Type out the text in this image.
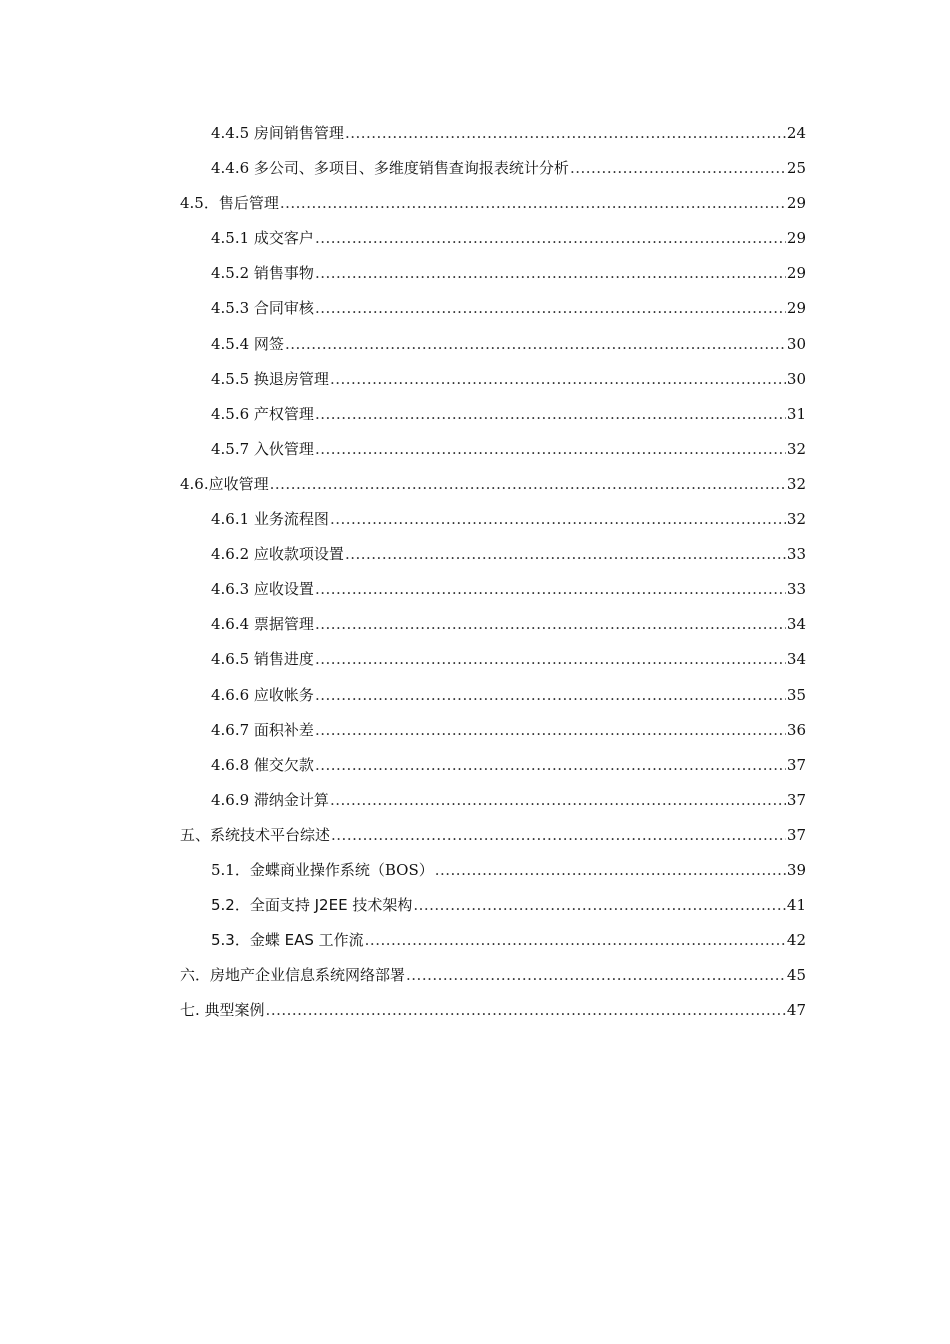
4.4.5 房间销售管理 .....	24
4.4.6 多公司、多项目、多维度销售查询报表统计分析 .....	25
4.5．售后管理 .....	29
4.5.1 成交客户 .....	29
4.5.2 销售事物 .....	29
4.5.3 合同审核 .....	29
4.5.4 网签 .....	30
4.5.5 换退房管理 .....	30
4.5.6 产权管理 .....	31
4.5.7 入伙管理 .....	32
4.6.应收管理 .....	32
4.6.1 业务流程图 .....	32
4.6.2 应收款项设置 .....	33
4.6.3 应收设置 .....	33
4.6.4 票据管理 .....	34
4.6.5 销售进度 .....	34
4.6.6 应收帐务 .....	35
4.6.7 面积补差 .....	36
4.6.8 催交欠款 .....	37
4.6.9 滞纳金计算 .....	37
五、系统技术平台综述 .....	37
5.1．金蝶商业操作系统（BOS） .....	39
5.2．全面支持 J2EE 技术架构 .....	41
5.3．金蝶 EAS 工作流 .....	42
六．房地产企业信息系统网络部署 .....	45
七. 典型案例 .....	47
